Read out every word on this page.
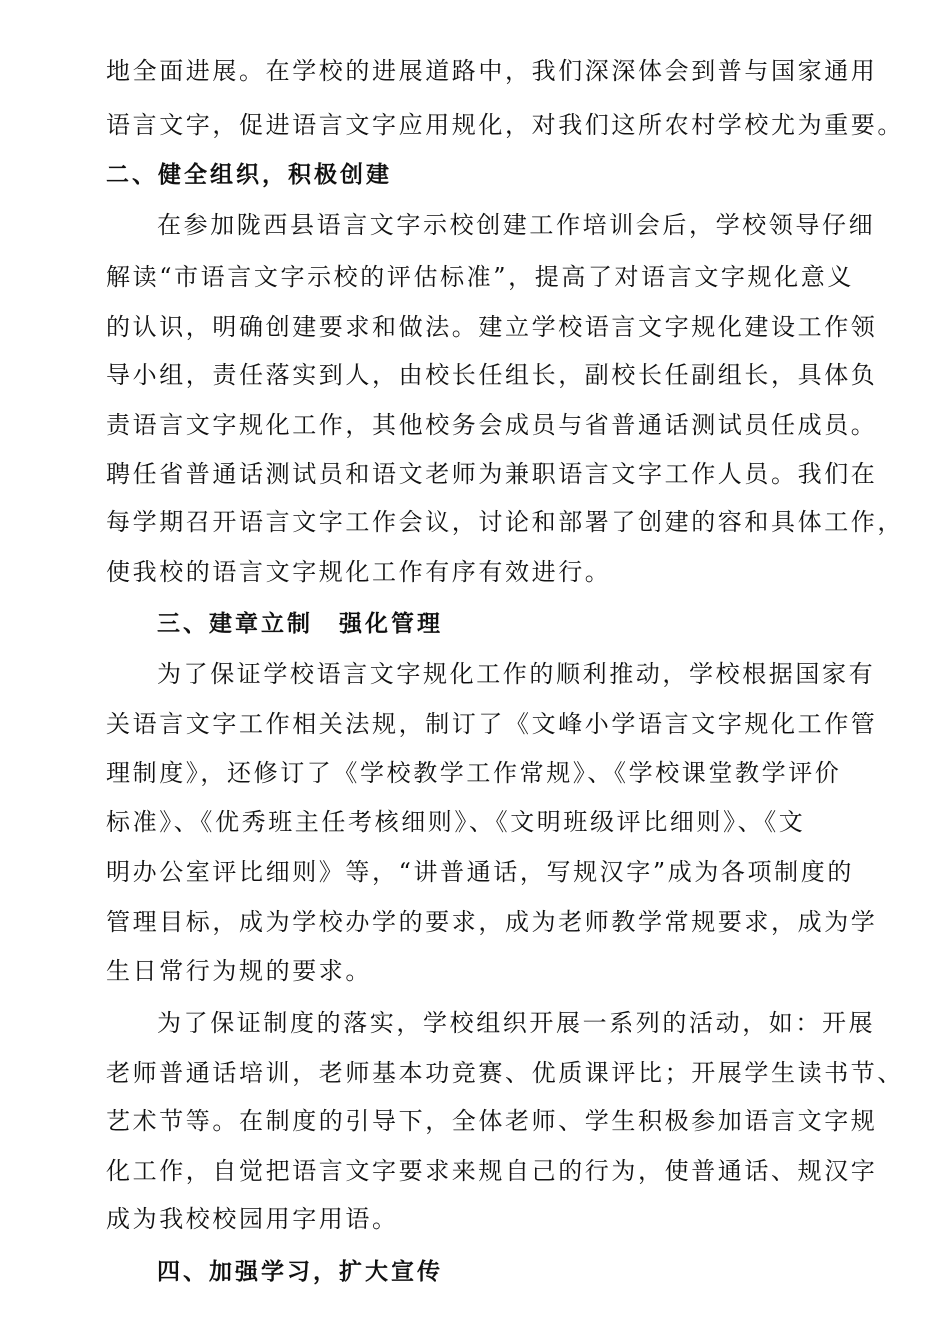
地全面进展。在学校的进展道路中，我们深深体会到普与国家通用
语言文字，促进语言文字应用规化，对我们这所农村学校尤为重要。
二、健全组织，积极创建
在参加陇西县语言文字示校创建工作培训会后，学校领导仔细
解读“市语言文字示校的评估标准”，提高了对语言文字规化意义
的认识，明确创建要求和做法。建立学校语言文字规化建设工作领
导小组，责任落实到人，由校长任组长，副校长任副组长，具体负
责语言文字规化工作，其他校务会成员与省普通话测试员任成员。
聘任省普通话测试员和语文老师为兼职语言文字工作人员。我们在
每学期召开语言文字工作会议，讨论和部署了创建的容和具体工作，
使我校的语言文字规化工作有序有效进行。
三、建章立制　强化管理
为了保证学校语言文字规化工作的顺利推动，学校根据国家有
关语言文字工作相关法规，制订了《文峰小学语言文字规化工作管
理制度》，还修订了《学校教学工作常规》、《学校课堂教学评价
标准》、《优秀班主任考核细则》、《文明班级评比细则》、《文
明办公室评比细则》等，“讲普通话，写规汉字”成为各项制度的
管理目标，成为学校办学的要求，成为老师教学常规要求，成为学
生日常行为规的要求。
为了保证制度的落实，学校组织开展一系列的活动，如：开展
老师普通话培训，老师基本功竞赛、优质课评比；开展学生读书节、
艺术节等。在制度的引导下，全体老师、学生积极参加语言文字规
化工作，自觉把语言文字要求来规自己的行为，使普通话、规汉字
成为我校校园用字用语。
四、加强学习，扩大宣传
